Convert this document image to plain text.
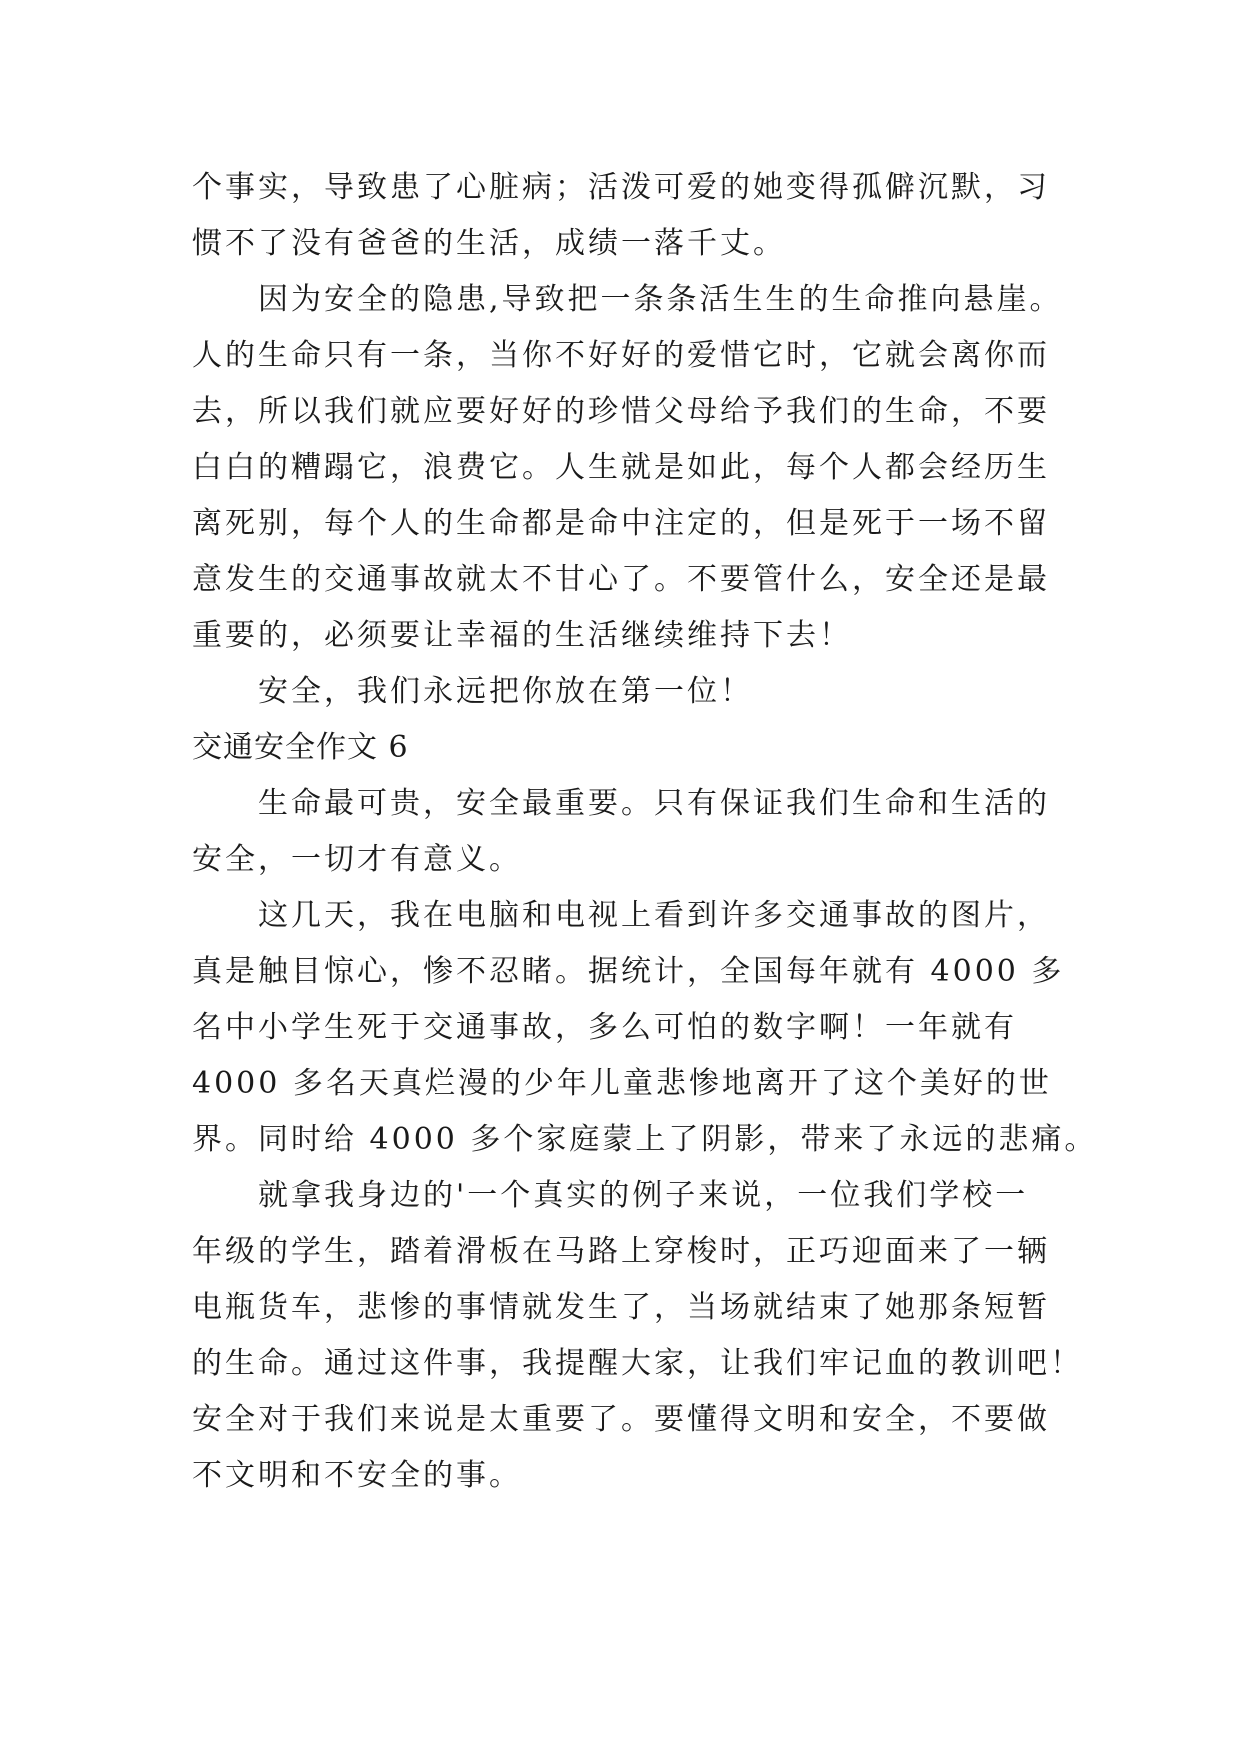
个事实，导致患了心脏病；活泼可爱的她变得孤僻沉默，习

惯不了没有爸爸的生活，成绩一落千丈。

因为安全的隐患,导致把一条条活生生的生命推向悬崖。

人的生命只有一条，当你不好好的爱惜它时，它就会离你而

去，所以我们就应要好好的珍惜父母给予我们的生命，不要

白白的糟蹋它，浪费它。人生就是如此，每个人都会经历生

离死别，每个人的生命都是命中注定的，但是死于一场不留

意发生的交通事故就太不甘心了。不要管什么，安全还是最

重要的，必须要让幸福的生活继续维持下去！

安全，我们永远把你放在第一位！

交通安全作文 6

生命最可贵，安全最重要。只有保证我们生命和生活的

安全，一切才有意义。

这几天，我在电脑和电视上看到许多交通事故的图片，

真是触目惊心，惨不忍睹。据统计，全国每年就有 4000 多

名中小学生死于交通事故，多么可怕的数字啊！一年就有

4000 多名天真烂漫的少年儿童悲惨地离开了这个美好的世

界。同时给 4000 多个家庭蒙上了阴影，带来了永远的悲痛。

就拿我身边的'一个真实的例子来说，一位我们学校一

年级的学生，踏着滑板在马路上穿梭时，正巧迎面来了一辆

电瓶货车，悲惨的事情就发生了，当场就结束了她那条短暂

的生命。通过这件事，我提醒大家，让我们牢记血的教训吧！

安全对于我们来说是太重要了。要懂得文明和安全，不要做

不文明和不安全的事。
